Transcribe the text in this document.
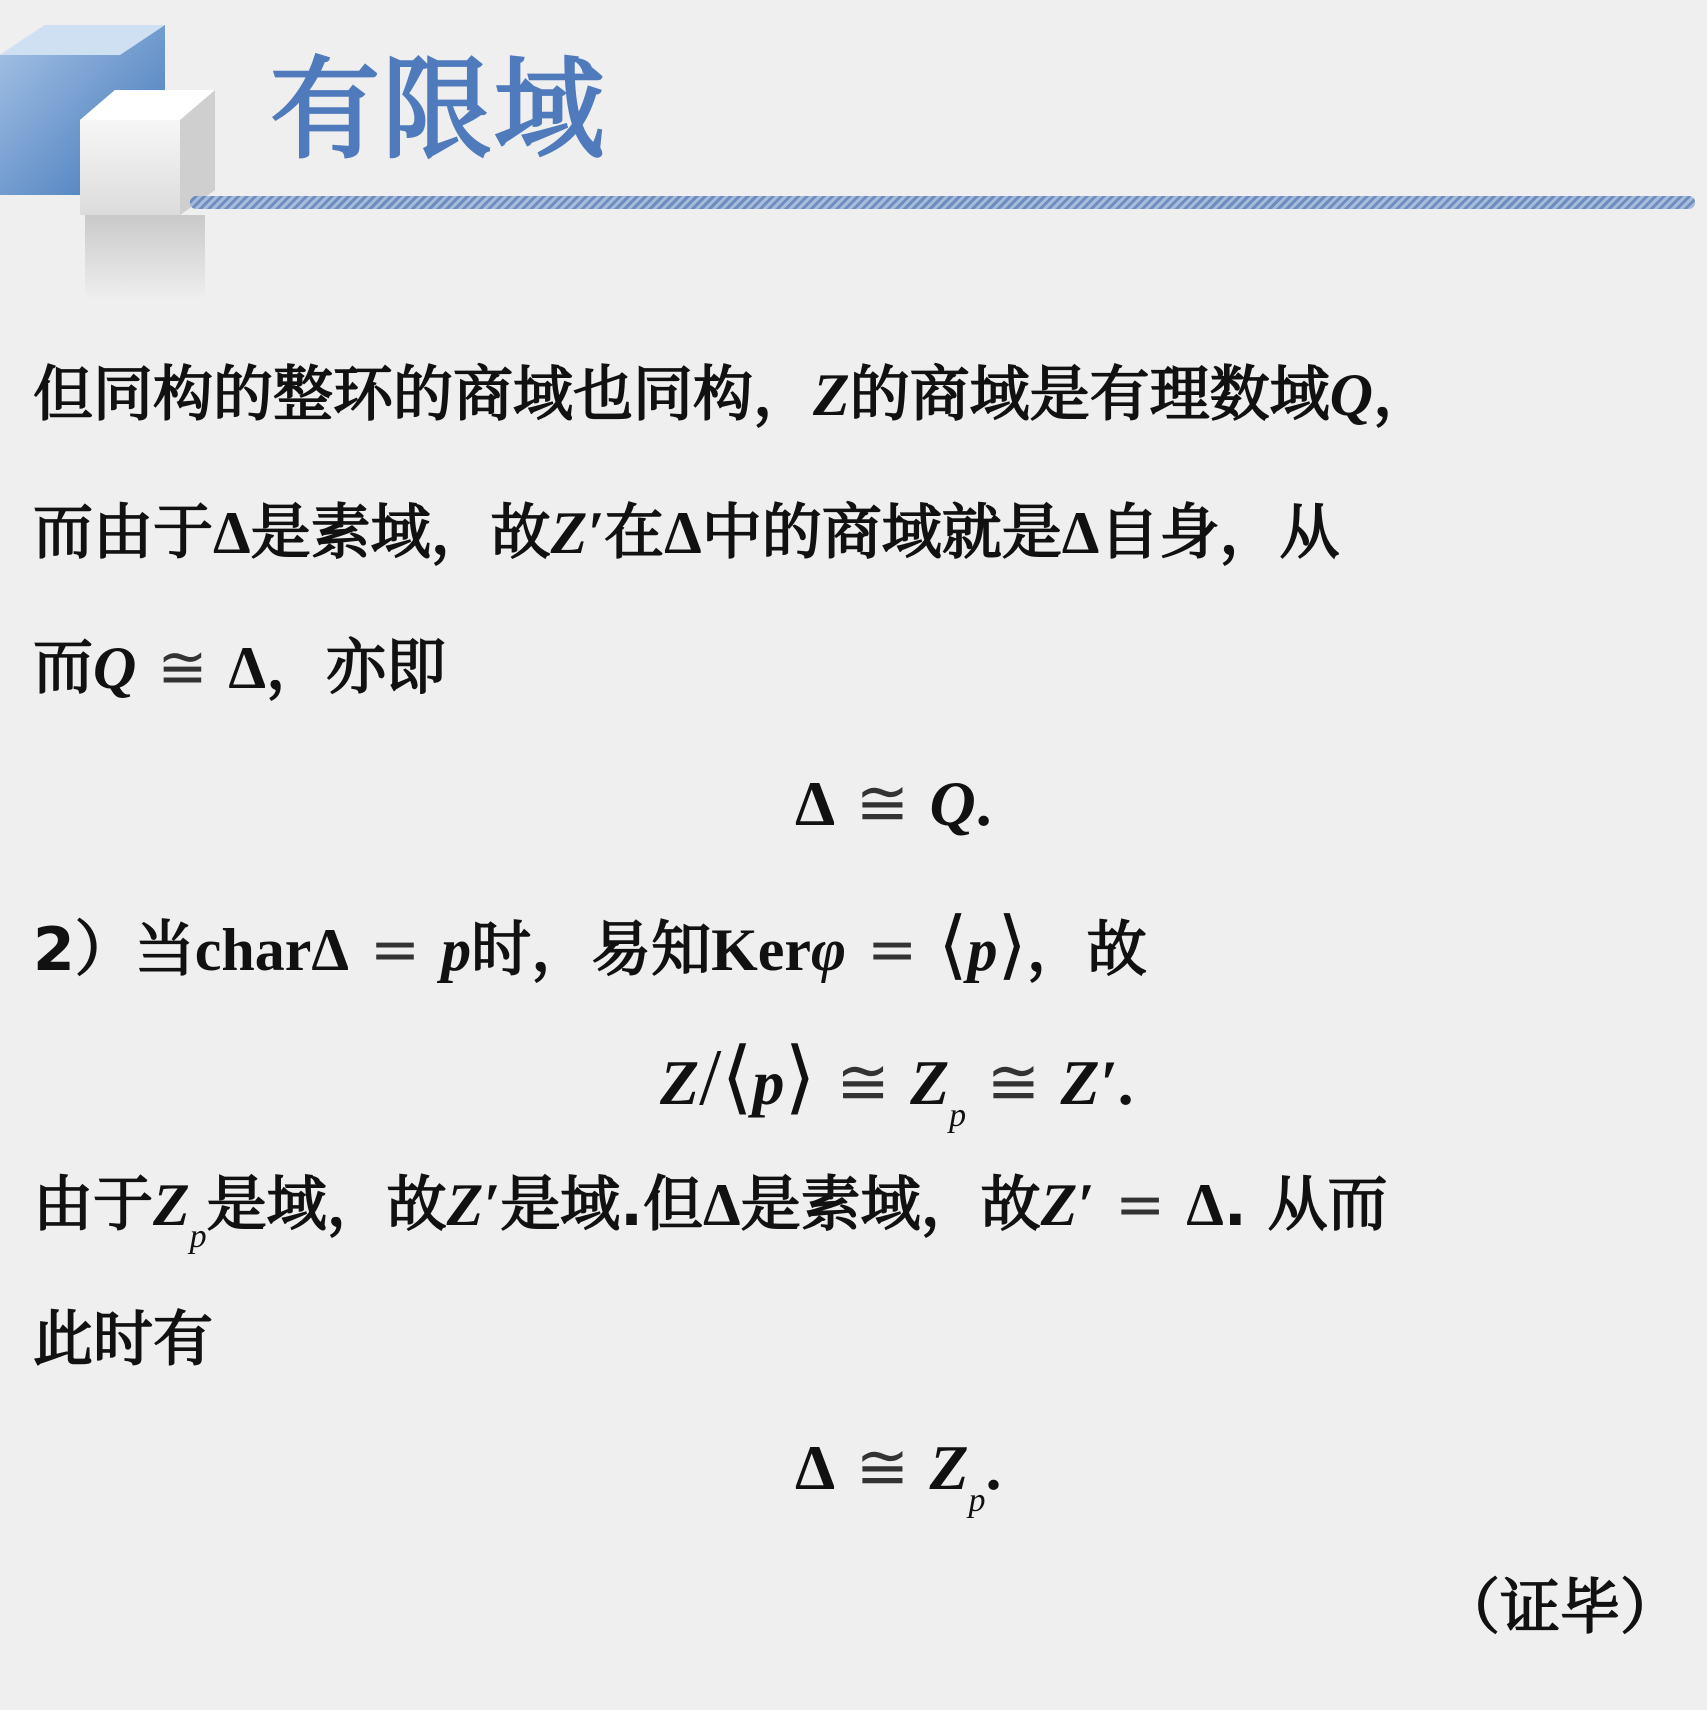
有限域
但同构的整环的商域也同构，Z的商域是有理数域Q，
而由于Δ是素域，故Z′在Δ中的商域就是Δ自身，从
而Q ≅ Δ，亦即
Δ ≅ Q.
2）当charΔ = p时，易知Kerφ = ⟨p⟩，故
Z/⟨p⟩ ≅ $Z_p$ ≅ Z′.
由于$Z_p$是域，故Z′是域.但Δ是素域，故Z′ = Δ. 从而
此时有
Δ ≅ $Z_p$.
（证毕）
